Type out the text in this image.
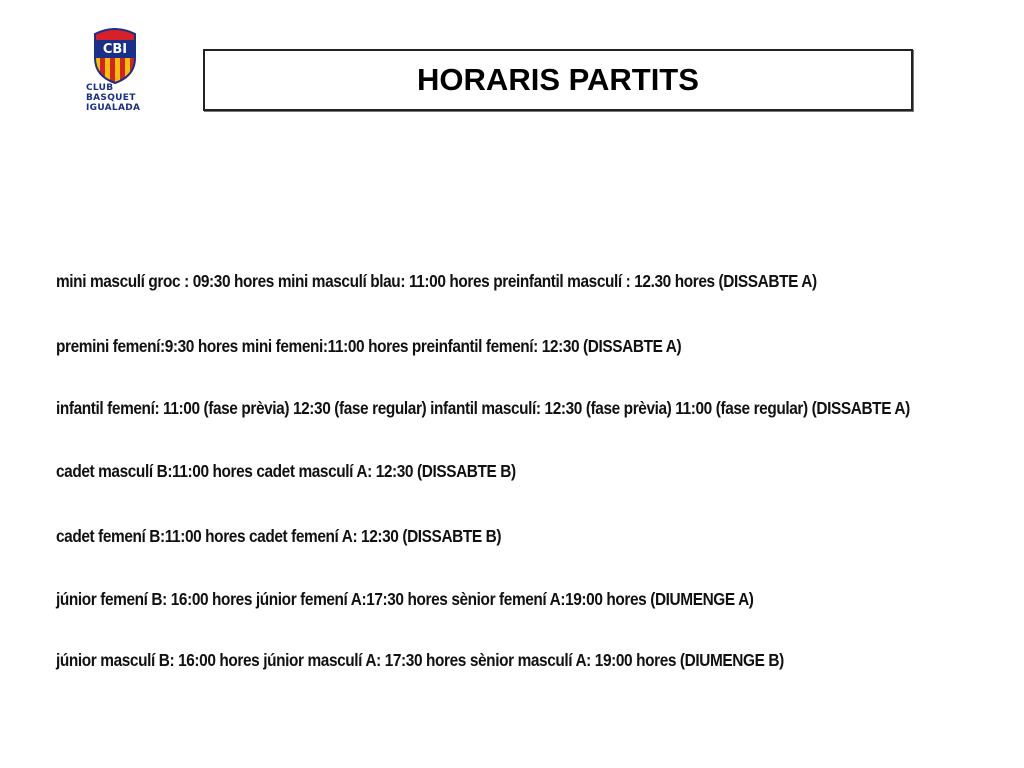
CBI
CLUB
BASQUET
IGUALADA
HORARIS PARTITS
mini masculí groc : 09:30 hores mini masculí blau: 11:00 hores preinfantil masculí : 12.30 hores (DISSABTE A)
premini femení:9:30 hores mini femeni:11:00 hores preinfantil femení: 12:30 (DISSABTE A)
infantil femení: 11:00 (fase prèvia) 12:30 (fase regular) infantil masculí: 12:30 (fase prèvia) 11:00 (fase regular) (DISSABTE A)
cadet masculí B:11:00 hores cadet masculí A: 12:30 (DISSABTE B)
cadet femení B:11:00 hores cadet femení A: 12:30 (DISSABTE B)
júnior femení B: 16:00 hores júnior femení A:17:30 hores sènior femení A:19:00 hores (DIUMENGE A)
júnior masculí B: 16:00 hores júnior masculí A: 17:30 hores sènior masculí A: 19:00 hores (DIUMENGE B)
